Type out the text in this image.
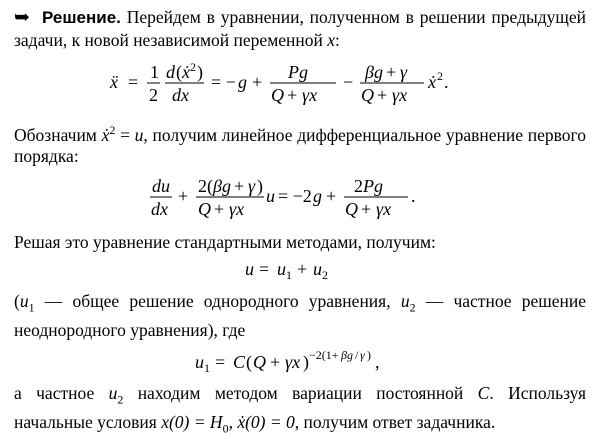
➥ Решение. Перейдем в уравнении, полученном в решении предыдущей задачи, к новой независимой переменной x:

ẍ = 1
2
d ( ẋ 2 )
dx
= − g + Pg
Q + γx
− βg + γ
Q + γx
ẋ 2 .

Обозначим ẋ$^2$ = u, получим линейное дифференциальное уравнение первого порядка:

du
dx
+ 2( βg + γ )
Q + γx
u = −2 g + 2 Pg
Q + γx
.

Решая это уравнение стандартными методами, получим:

u = u 1 + u 2

($u_1$ — общее решение однородного уравнения, $u_2$ — частное решение неоднородного уравнения), где

u 1 = C ( Q + γx ) −2(1+ βg / γ ) ,

а частное $u_2$ находим методом вариации постоянной C. Используя начальные условия $x(0) = H_0$, ẋ(0) = 0, получим ответ задачника.
